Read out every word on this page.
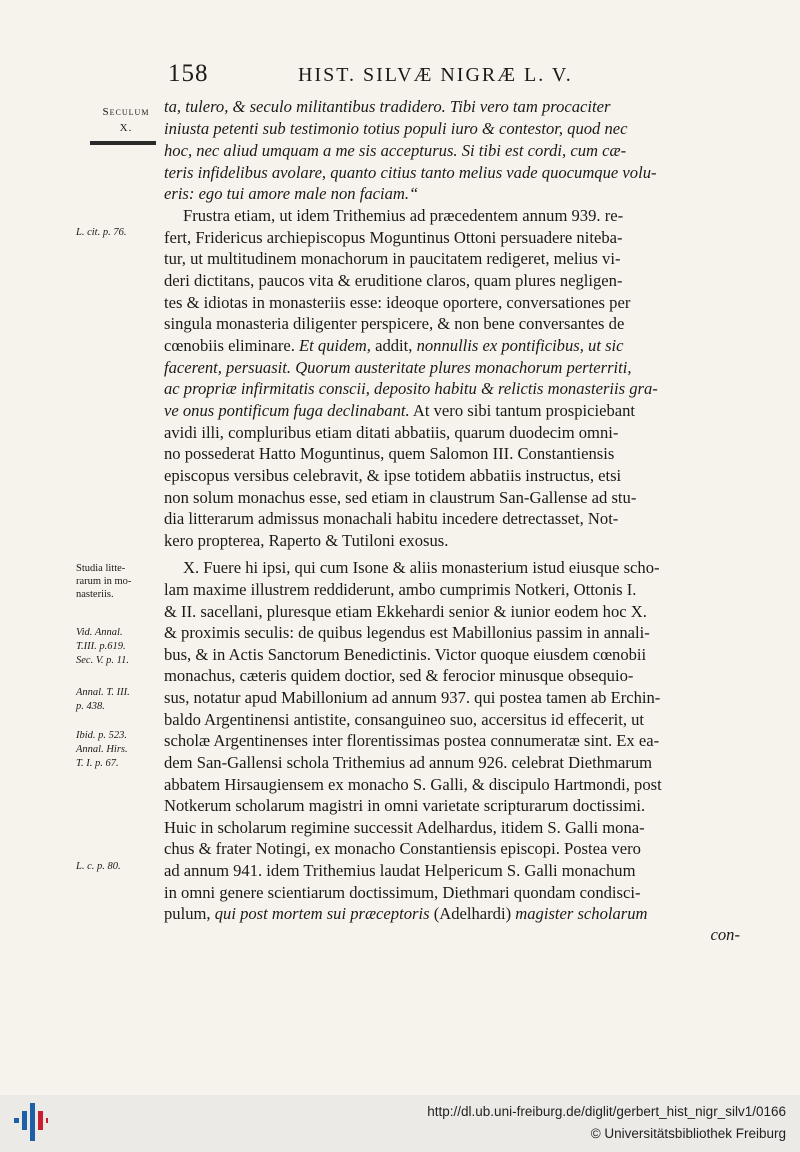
158	HIST. SILVÆ NIGRÆ L. V.
Seculum
X.
L. cit. p. 76.
Studia litte-
rarum in mo-
nasteriis.
Vid. Annal.
T.III. p.619.
Sec. V. p. 11.
Annal. T. III.
p. 438.
Ibid. p. 523.
Annal. Hirs.
T. I. p. 67.
L. c. p. 80.
ta, tulero, & seculo militantibus tradidero. Tibi vero tam procaciter
iniusta petenti sub testimonio totius populi iuro & contestor, quod nec
hoc, nec aliud umquam a me sis accepturus. Si tibi est cordi, cum cæ-
teris infidelibus avolare, quanto citius tanto melius vade quocumque volu-
eris: ego tui amore male non faciam.“
Frustra etiam, ut idem Trithemius ad præcedentem annum 939. re-
fert, Fridericus archiepiscopus Moguntinus Ottoni persuadere niteba-
tur, ut multitudinem monachorum in paucitatem redigeret, melius vi-
deri dictitans, paucos vita & eruditione claros, quam plures negligen-
tes & idiotas in monasteriis esse: ideoque oportere, conversationes per
singula monasteria diligenter perspicere, & non bene conversantes de
cœnobiis eliminare. Et quidem, addit, nonnullis ex pontificibus, ut sic
facerent, persuasit. Quorum austeritate plures monachorum perterriti,
ac propriæ infirmitatis conscii, deposito habitu & relictis monasteriis gra-
ve onus pontificum fuga declinabant. At vero sibi tantum prospiciebant
avidi illi, compluribus etiam ditati abbatiis, quarum duodecim omni-
no possederat Hatto Moguntinus, quem Salomon III. Constantiensis
episcopus versibus celebravit, & ipse totidem abbatiis instructus, etsi
non solum monachus esse, sed etiam in claustrum San-Gallense ad stu-
dia litterarum admissus monachali habitu incedere detrectasset, Not-
kero propterea, Raperto & Tutiloni exosus.
X. Fuere hi ipsi, qui cum Isone & aliis monasterium istud eiusque scho-
lam maxime illustrem reddiderunt, ambo cumprimis Notkeri, Ottonis I.
& II. sacellani, pluresque etiam Ekkehardi senior & iunior eodem hoc X.
& proximis seculis: de quibus legendus est Mabillonius passim in annali-
bus, & in Actis Sanctorum Benedictinis. Victor quoque eiusdem cœnobii
monachus, cæteris quidem doctior, sed & ferocior minusque obsequio-
sus, notatur apud Mabillonium ad annum 937. qui postea tamen ab Erchin-
baldo Argentinensi antistite, consanguineo suo, accersitus id effecerit, ut
scholæ Argentinenses inter florentissimas postea connumeratæ sint. Ex ea-
dem San-Gallensi schola Trithemius ad annum 926. celebrat Diethmarum
abbatem Hirsaugiensem ex monacho S. Galli, & discipulo Hartmondi, post
Notkerum scholarum magistri in omni varietate scripturarum doctissimi.
Huic in scholarum regimine successit Adelhardus, itidem S. Galli mona-
chus & frater Notingi, ex monacho Constantiensis episcopi. Postea vero
ad annum 941. idem Trithemius laudat Helpericum S. Galli monachum
in omni genere scientiarum doctissimum, Diethmari quondam condisci-
pulum, qui post mortem sui præceptoris (Adelhardi) magister scholarum
con-
http://dl.ub.uni-freiburg.de/diglit/gerbert_hist_nigr_silv1/0166
© Universitätsbibliothek Freiburg
